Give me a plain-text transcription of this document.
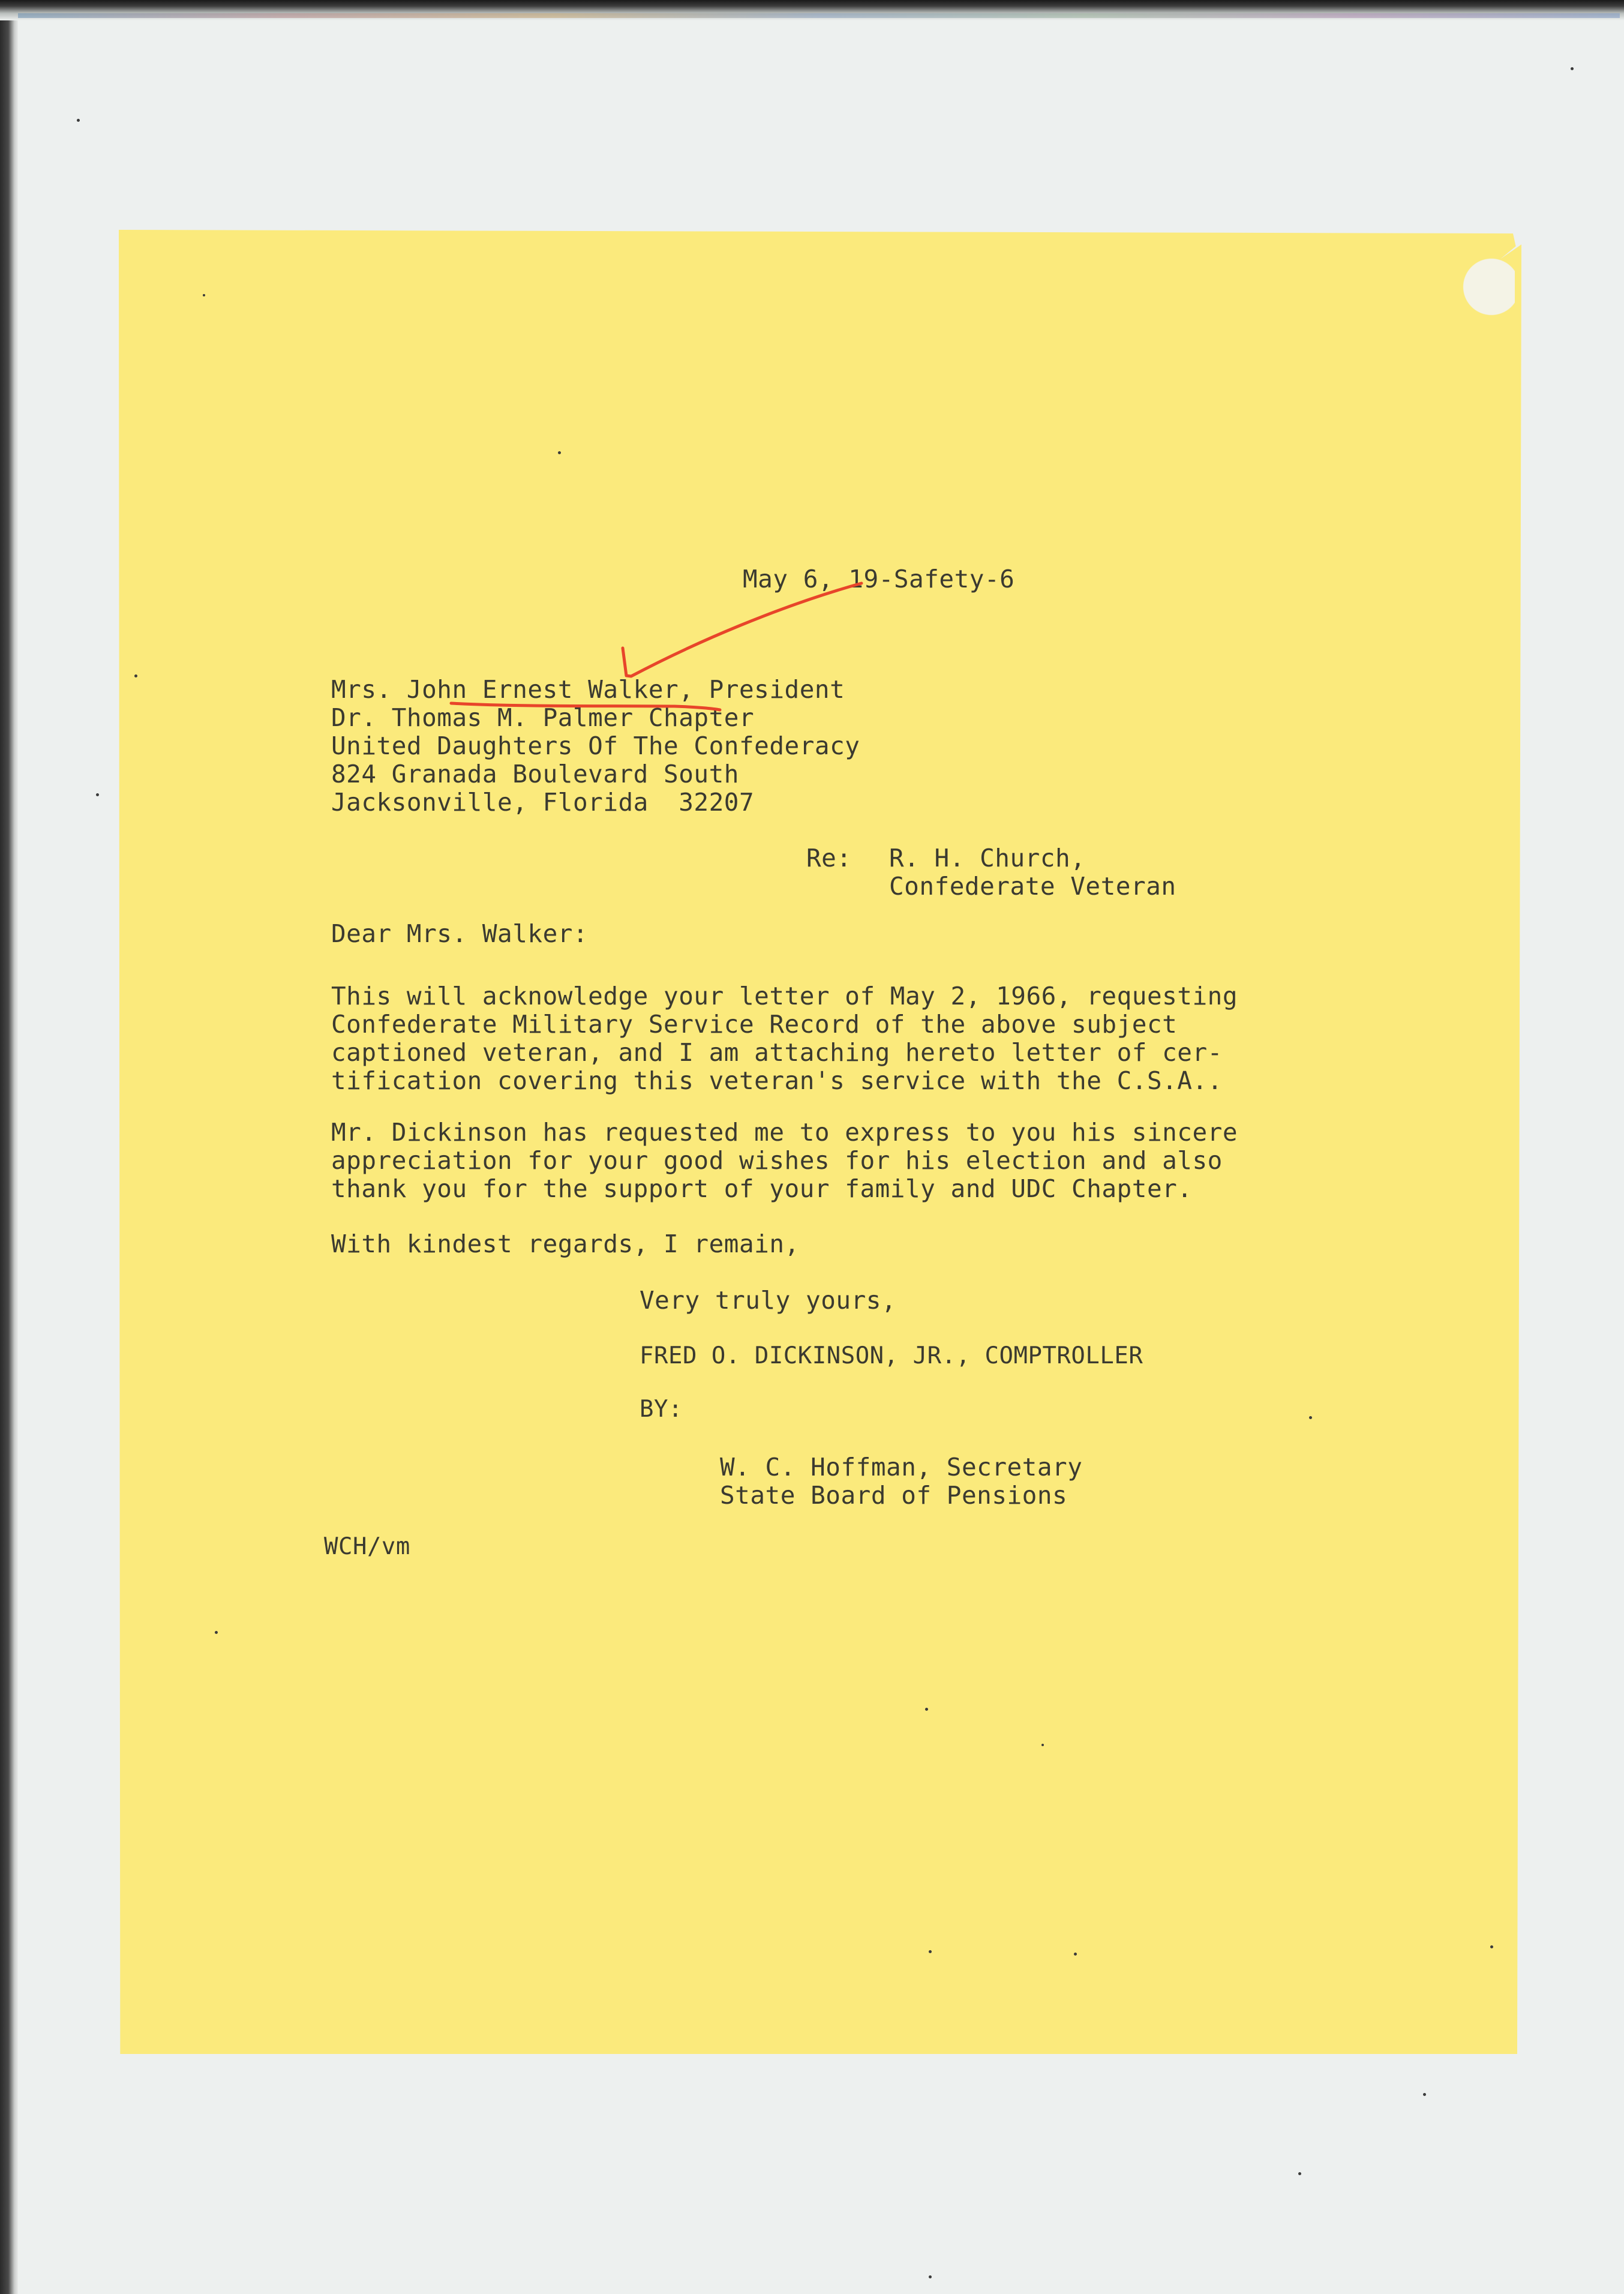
May 6, 19-Safety-6
Mrs. John Ernest Walker, President
Dr. Thomas M. Palmer Chapter
United Daughters Of The Confederacy
824 Granada Boulevard South
Jacksonville, Florida  32207
Re: R. H. Church,
Confederate Veteran
Dear Mrs. Walker:
This will acknowledge your letter of May 2, 1966, requesting
Confederate Military Service Record of the above subject
captioned veteran, and I am attaching hereto letter of cer-
tification covering this veteran's service with the C.S.A..
Mr. Dickinson has requested me to express to you his sincere
appreciation for your good wishes for his election and also
thank you for the support of your family and UDC Chapter.
With kindest regards, I remain,
Very truly yours,
FRED O. DICKINSON, JR., COMPTROLLER
BY:
W. C. Hoffman, Secretary
State Board of Pensions
WCH/vm
